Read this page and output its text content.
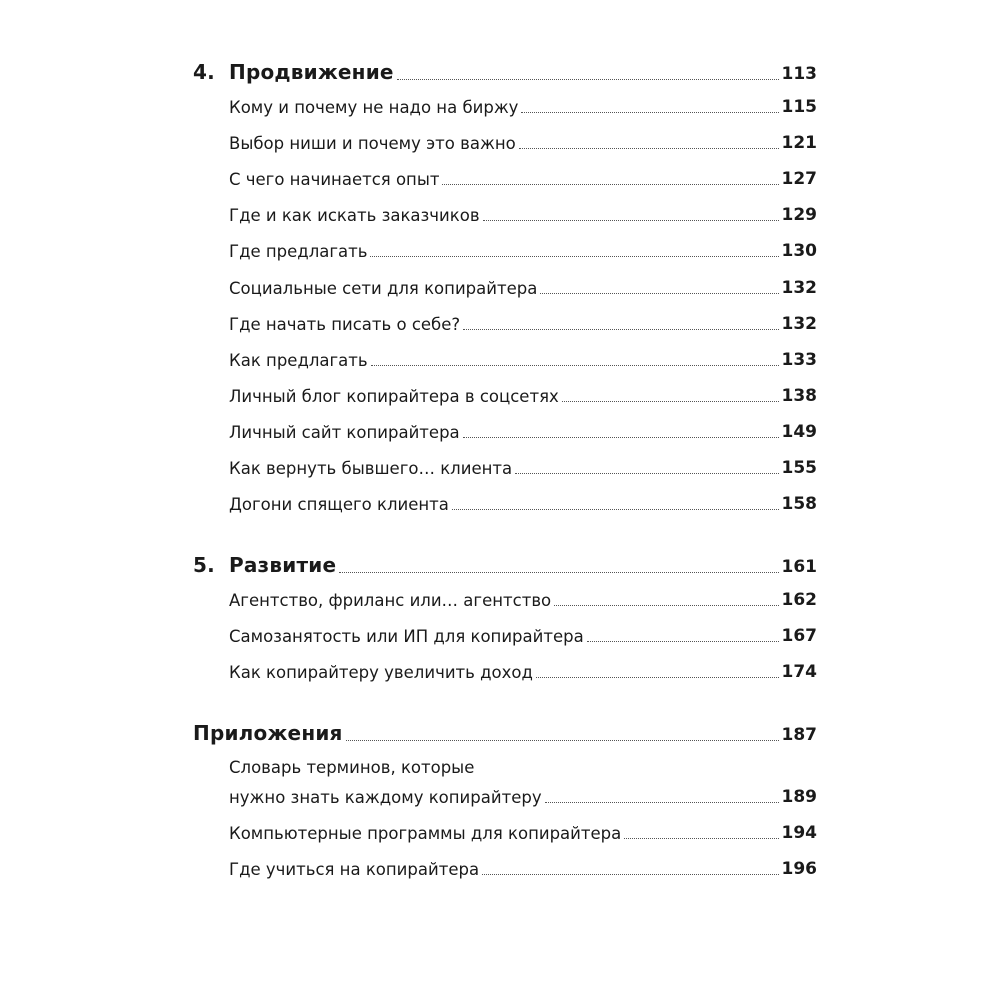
4. Продвижение	113
Кому и почему не надо на биржу	115
Выбор ниши и почему это важно	121
С чего начинается опыт	127
Где и как искать заказчиков	129
Где предлагать	130
Социальные сети для копирайтера	132
Где начать писать о себе?	132
Как предлагать	133
Личный блог копирайтера в соцсетях	138
Личный сайт копирайтера	149
Как вернуть бывшего… клиента	155
Догони спящего клиента	158
5. Развитие	161
Агентство, фриланс или… агентство	162
Самозанятость или ИП для копирайтера	167
Как копирайтеру увеличить доход	174
Приложения	187
Словарь терминов, которые
нужно знать каждому копирайтеру	189
Компьютерные программы для копирайтера	194
Где учиться на копирайтера	196
